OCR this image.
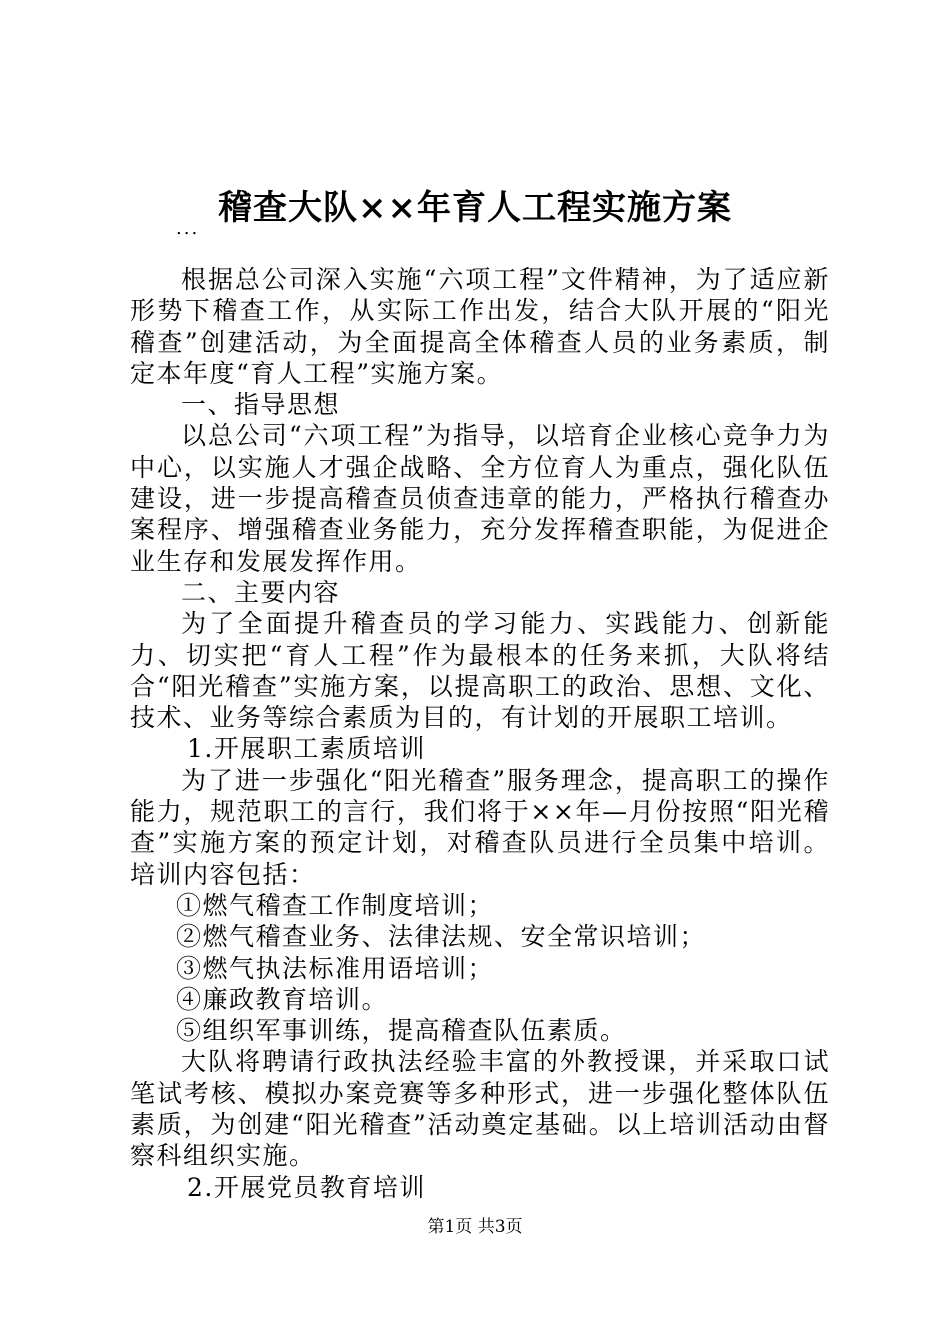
稽查大队××年育人工程实施方案
...

根据总公司深入实施“六项工程”文件精神，为了适应新形势下稽查工作，从实际工作出发，结合大队开展的“阳光稽查”创建活动，为全面提高全体稽查人员的业务素质，制定本年度“育人工程”实施方案。

一、指导思想

以总公司“六项工程”为指导，以培育企业核心竞争力为中心，以实施人才强企战略、全方位育人为重点，强化队伍建设，进一步提高稽查员侦查违章的能力，严格执行稽查办案程序、增强稽查业务能力，充分发挥稽查职能，为促进企业生存和发展发挥作用。

二、主要内容

为了全面提升稽查员的学习能力、实践能力、创新能力、切实把“育人工程”作为最根本的任务来抓，大队将结合“阳光稽查”实施方案，以提高职工的政治、思想、文化、技术、业务等综合素质为目的，有计划的开展职工培训。

1.开展职工素质培训

为了进一步强化“阳光稽查”服务理念，提高职工的操作能力，规范职工的言行，我们将于××年—月份按照“阳光稽查”实施方案的预定计划，对稽查队员进行全员集中培训。培训内容包括：

①燃气稽查工作制度培训；

②燃气稽查业务、法律法规、安全常识培训；

③燃气执法标准用语培训；

④廉政教育培训。

⑤组织军事训练，提高稽查队伍素质。

大队将聘请行政执法经验丰富的外教授课，并采取口试笔试考核、模拟办案竞赛等多种形式，进一步强化整体队伍素质，为创建“阳光稽查”活动奠定基础。以上培训活动由督察科组织实施。

2.开展党员教育培训

第1页 共3页
